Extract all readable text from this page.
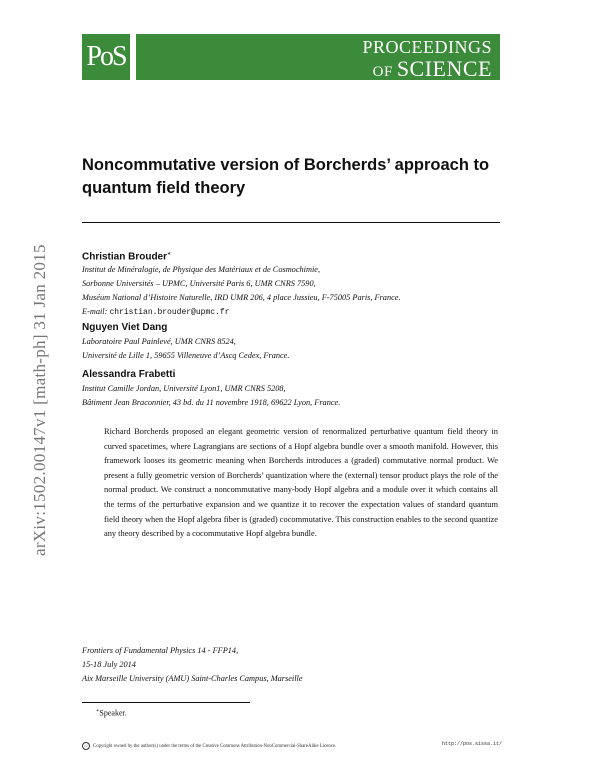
PoS	PROCEEDINGS
OF SCIENCE
arXiv:1502.00147v1 [math-ph] 31 Jan 2015
Noncommutative version of Borcherds’ approach to
quantum field theory
Christian Brouder∗
Institut de Minéralogie, de Physique des Matériaux et de Cosmochimie,
Sorbonne Universités – UPMC, Université Paris 6, UMR CNRS 7590,
Muséum National d’Histoire Naturelle, IRD UMR 206, 4 place Jussieu, F-75005 Paris, France.
E-mail: christian.brouder@upmc.fr
Nguyen Viet Dang
Laboratoire Paul Painlevé, UMR CNRS 8524,
Université de Lille 1, 59655 Villeneuve d’Ascq Cedex, France.
Alessandra Frabetti
Institut Camille Jordan, Université Lyon1, UMR CNRS 5208,
Bâtiment Jean Braconnier, 43 bd. du 11 novembre 1918, 69622 Lyon, France.
Richard Borcherds proposed an elegant geometric version of renormalized perturbative quantum field theory in curved spacetimes, where Lagrangians are sections of a Hopf algebra bundle over a smooth manifold. However, this framework looses its geometric meaning when Borcherds introduces a (graded) commutative normal product. We present a fully geometric version of Borcherds’ quantization where the (external) tensor product plays the role of the normal product. We construct a noncommutative many-body Hopf algebra and a module over it which contains all the terms of the perturbative expansion and we quantize it to recover the expectation values of standard quantum field theory when the Hopf algebra fiber is (graded) cocommutative. This construction enables to the second quantize any theory described by a cocommutative Hopf algebra bundle.
Frontiers of Fundamental Physics 14 - FFP14,
15-18 July 2014
Aix Marseille University (AMU) Saint-Charles Campus, Marseille
∗Speaker.
cc Copyright owned by the author(s) under the terms of the Creative Commons Attribution-NonCommercial-ShareAlike Licence.	http://pos.sissa.it/
